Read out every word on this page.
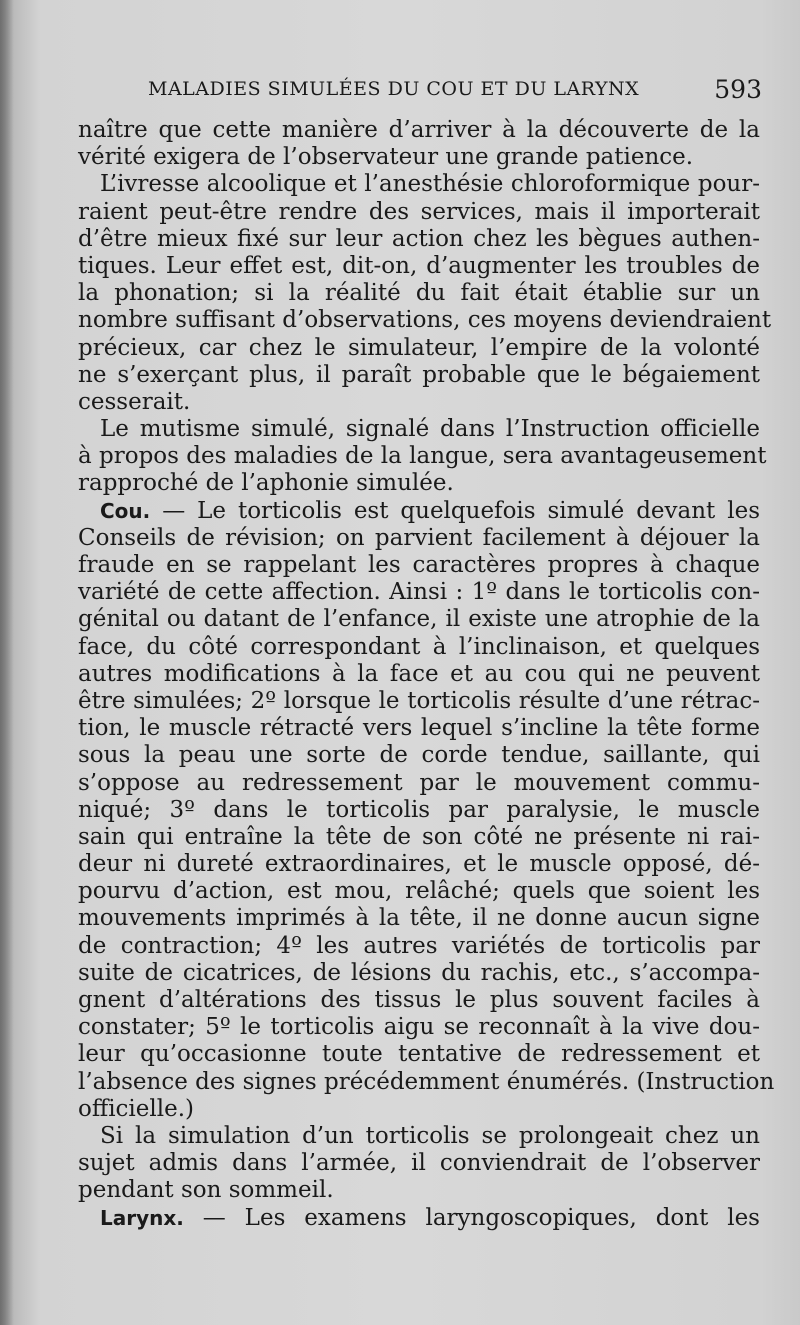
MALADIES SIMULÉES DU COU ET DU LARYNX	593
naître que cette manière d’arriver à la découverte de la
vérité exigera de l’observateur une grande patience.
L’ivresse alcoolique et l’anesthésie chloroformique pour-
raient peut-être rendre des services, mais il importerait
d’être mieux fixé sur leur action chez les bègues authen-
tiques. Leur effet est, dit-on, d’augmenter les troubles de
la phonation; si la réalité du fait était établie sur un
nombre suffisant d’observations, ces moyens deviendraient
précieux, car chez le simulateur, l’empire de la volonté
ne s’exerçant plus, il paraît probable que le bégaiement
cesserait.
Le mutisme simulé, signalé dans l’Instruction officielle
à propos des maladies de la langue, sera avantageusement
rapproché de l’aphonie simulée.
Cou. — Le torticolis est quelquefois simulé devant les
Conseils de révision; on parvient facilement à déjouer la
fraude en se rappelant les caractères propres à chaque
variété de cette affection. Ainsi : 1º dans le torticolis con-
génital ou datant de l’enfance, il existe une atrophie de la
face, du côté correspondant à l’inclinaison, et quelques
autres modifications à la face et au cou qui ne peuvent
être simulées; 2º lorsque le torticolis résulte d’une rétrac-
tion, le muscle rétracté vers lequel s’incline la tête forme
sous la peau une sorte de corde tendue, saillante, qui
s’oppose au redressement par le mouvement commu-
niqué; 3º dans le torticolis par paralysie, le muscle
sain qui entraîne la tête de son côté ne présente ni rai-
deur ni dureté extraordinaires, et le muscle opposé, dé-
pourvu d’action, est mou, relâché; quels que soient les
mouvements imprimés à la tête, il ne donne aucun signe
de contraction; 4º les autres variétés de torticolis par
suite de cicatrices, de lésions du rachis, etc., s’accompa-
gnent d’altérations des tissus le plus souvent faciles à
constater; 5º le torticolis aigu se reconnaît à la vive dou-
leur qu’occasionne toute tentative de redressement et
l’absence des signes précédemment énumérés. (Instruction
officielle.)
Si la simulation d’un torticolis se prolongeait chez un
sujet admis dans l’armée, il conviendrait de l’observer
pendant son sommeil.
Larynx. — Les examens laryngoscopiques, dont les
